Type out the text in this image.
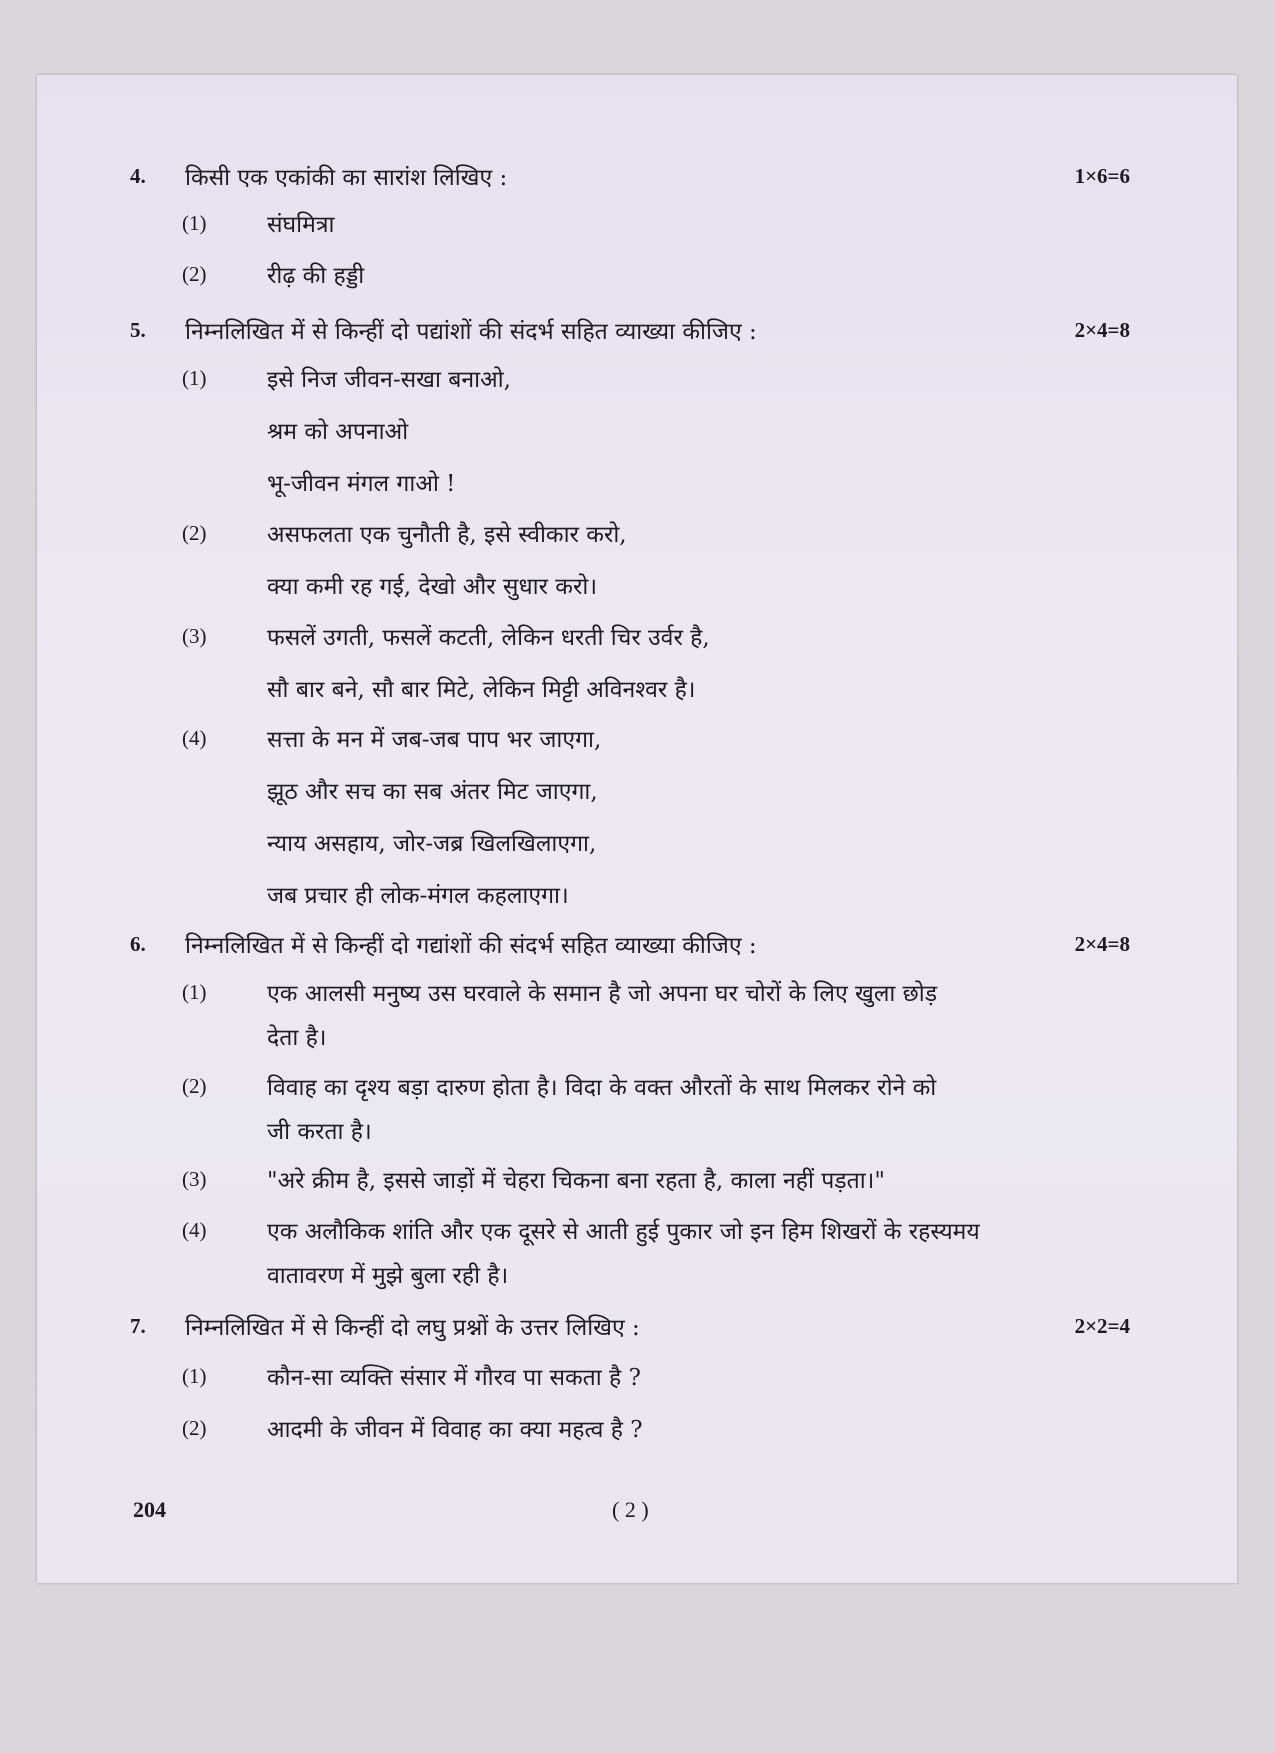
4. किसी एक एकांकी का सारांश लिखिए :	1×6=6
(1)	संघमित्रा
(2)	रीढ़ की हड्डी
5. निम्नलिखित में से किन्हीं दो पद्यांशों की संदर्भ सहित व्याख्या कीजिए :	2×4=8
(1)	इसे निज जीवन-सखा बनाओ,
श्रम को अपनाओ
भू-जीवन मंगल गाओ !
(2)	असफलता एक चुनौती है, इसे स्वीकार करो,
क्या कमी रह गई, देखो और सुधार करो।
(3)	फसलें उगती, फसलें कटती, लेकिन धरती चिर उर्वर है,
सौ बार बने, सौ बार मिटे, लेकिन मिट्टी अविनश्वर है।
(4)	सत्ता के मन में जब-जब पाप भर जाएगा,
झूठ और सच का सब अंतर मिट जाएगा,
न्याय असहाय, जोर-जब्र खिलखिलाएगा,
जब प्रचार ही लोक-मंगल कहलाएगा।
6. निम्नलिखित में से किन्हीं दो गद्यांशों की संदर्भ सहित व्याख्या कीजिए :	2×4=8
(1)	एक आलसी मनुष्य उस घरवाले के समान है जो अपना घर चोरों के लिए खुला छोड़
देता है।
(2)	विवाह का दृश्य बड़ा दारुण होता है। विदा के वक्त औरतों के साथ मिलकर रोने को
जी करता है।
(3)	"अरे क्रीम है, इससे जाड़ों में चेहरा चिकना बना रहता है, काला नहीं पड़ता।"
(4)	एक अलौकिक शांति और एक दूसरे से आती हुई पुकार जो इन हिम शिखरों के रहस्यमय
वातावरण में मुझे बुला रही है।
7. निम्नलिखित में से किन्हीं दो लघु प्रश्नों के उत्तर लिखिए :	2×2=4
(1)	कौन-सा व्यक्ति संसार में गौरव पा सकता है ?
(2)	आदमी के जीवन में विवाह का क्या महत्व है ?
204	( 2 )
